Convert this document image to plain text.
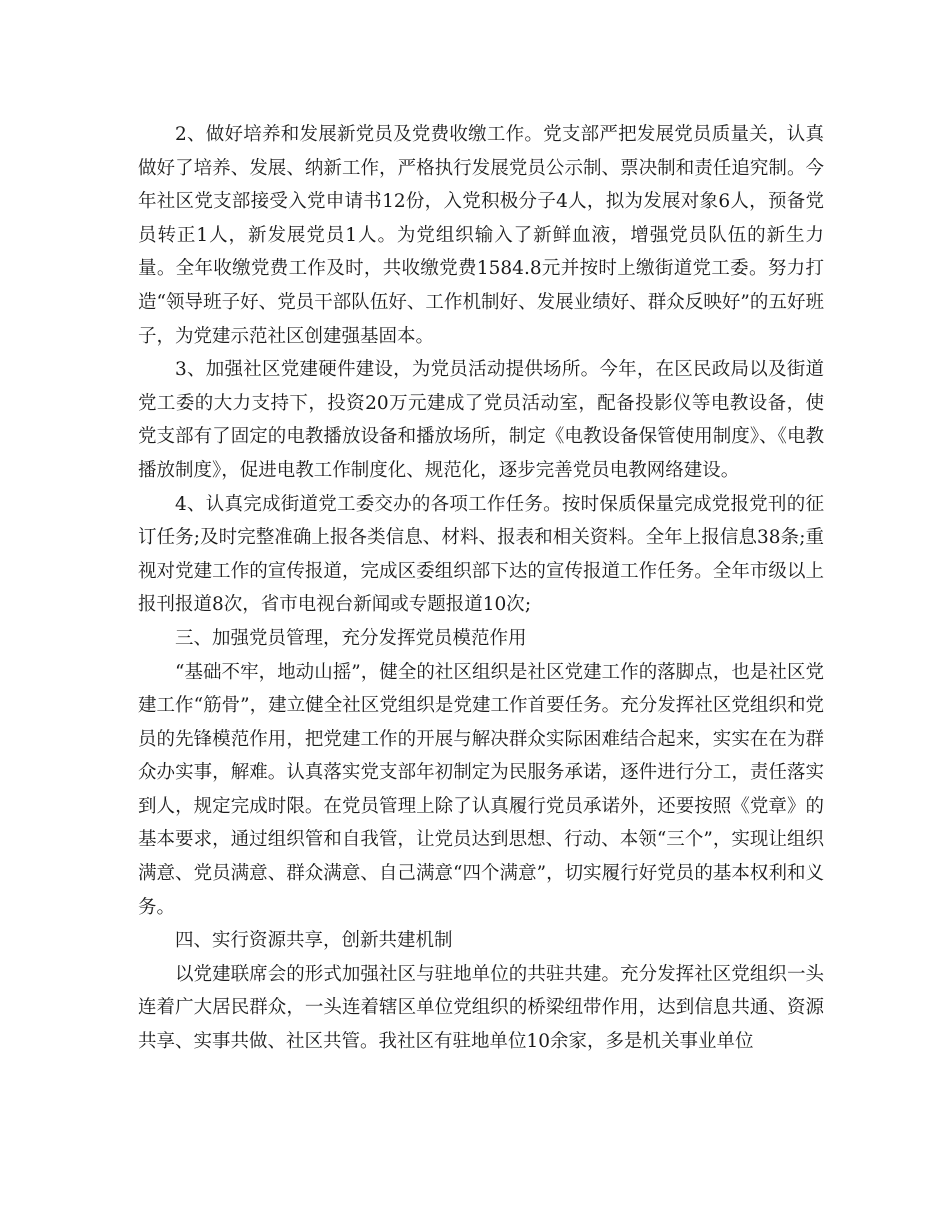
2、做好培养和发展新党员及党费收缴工作。党支部严把发展党员质量关，认真做好了培养、发展、纳新工作，严格执行发展党员公示制、票决制和责任追究制。今年社区党支部接受入党申请书12份，入党积极分子4人，拟为发展对象6人，预备党员转正1人，新发展党员1人。为党组织输入了新鲜血液，增强党员队伍的新生力量。全年收缴党费工作及时，共收缴党费1584.8元并按时上缴街道党工委。努力打造“领导班子好、党员干部队伍好、工作机制好、发展业绩好、群众反映好”的五好班子，为党建示范社区创建强基固本。

3、加强社区党建硬件建设，为党员活动提供场所。今年，在区民政局以及街道党工委的大力支持下，投资20万元建成了党员活动室，配备投影仪等电教设备，使党支部有了固定的电教播放设备和播放场所，制定《电教设备保管使用制度》、《电教播放制度》，促进电教工作制度化、规范化，逐步完善党员电教网络建设。

4、认真完成街道党工委交办的各项工作任务。按时保质保量完成党报党刊的征订任务;及时完整准确上报各类信息、材料、报表和相关资料。全年上报信息38条;重视对党建工作的宣传报道，完成区委组织部下达的宣传报道工作任务。全年市级以上报刊报道8次，省市电视台新闻或专题报道10次;

三、加强党员管理，充分发挥党员模范作用

“基础不牢，地动山摇”，健全的社区组织是社区党建工作的落脚点，也是社区党建工作“筋骨”，建立健全社区党组织是党建工作首要任务。充分发挥社区党组织和党员的先锋模范作用，把党建工作的开展与解决群众实际困难结合起来，实实在在为群众办实事，解难。认真落实党支部年初制定为民服务承诺，逐件进行分工，责任落实到人，规定完成时限。在党员管理上除了认真履行党员承诺外，还要按照《党章》的基本要求，通过组织管和自我管，让党员达到思想、行动、本领“三个”，实现让组织满意、党员满意、群众满意、自己满意“四个满意”，切实履行好党员的基本权利和义务。

四、实行资源共享，创新共建机制

以党建联席会的形式加强社区与驻地单位的共驻共建。充分发挥社区党组织一头连着广大居民群众，一头连着辖区单位党组织的桥梁纽带作用，达到信息共通、资源共享、实事共做、社区共管。我社区有驻地单位10余家，多是机关事业单位
